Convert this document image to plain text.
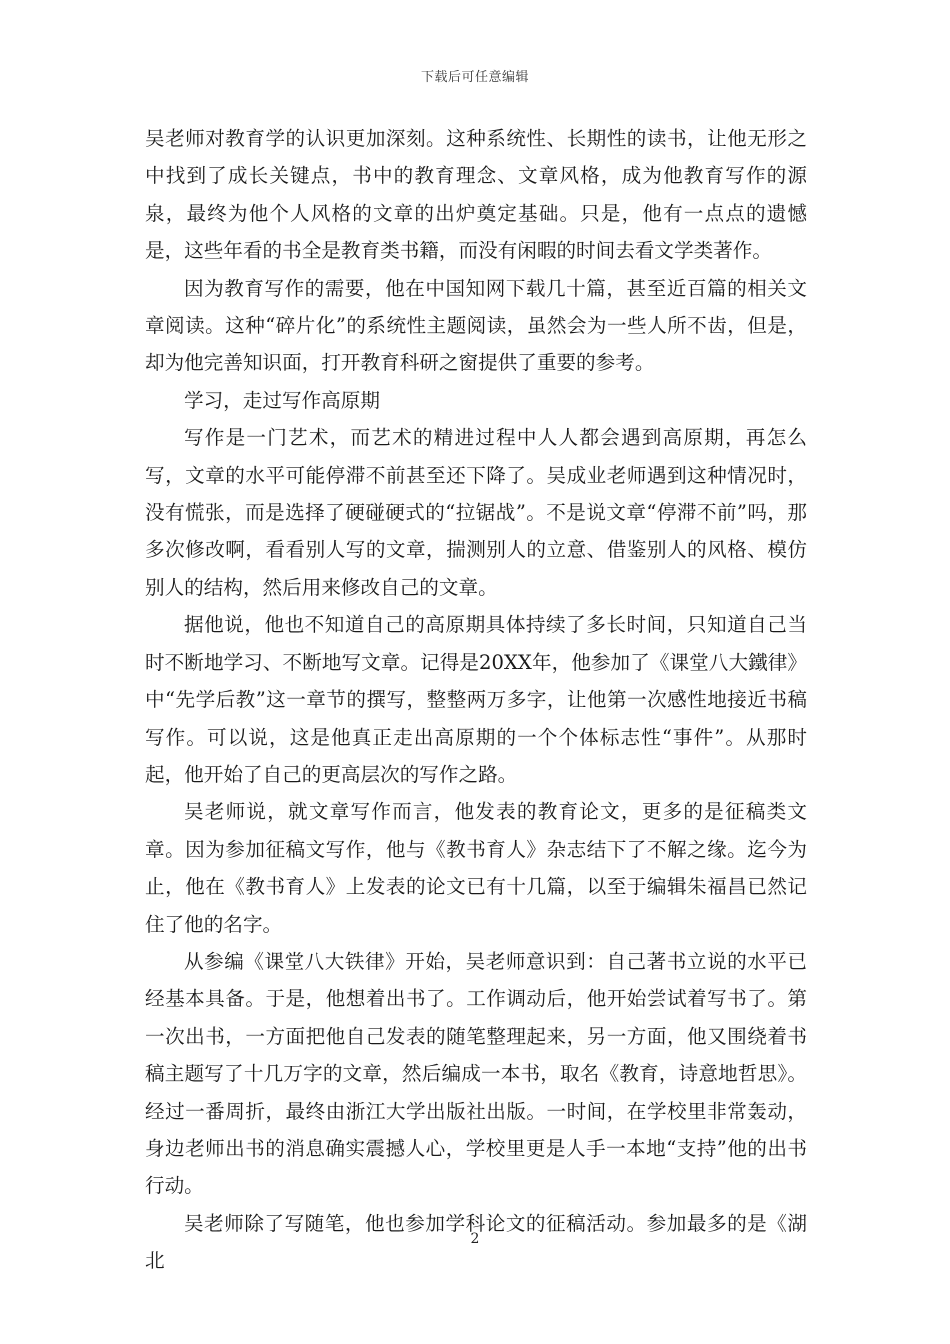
下载后可任意编辑

吴老师对教育学的认识更加深刻。这种系统性、长期性的读书，让他无形之中找到了成长关键点，书中的教育理念、文章风格，成为他教育写作的源泉，最终为他个人风格的文章的出炉奠定基础。只是，他有一点点的遗憾是，这些年看的书全是教育类书籍，而没有闲暇的时间去看文学类著作。

因为教育写作的需要，他在中国知网下载几十篇，甚至近百篇的相关文章阅读。这种“碎片化”的系统性主题阅读，虽然会为一些人所不齿，但是，却为他完善知识面，打开教育科研之窗提供了重要的参考。

学习，走过写作高原期

写作是一门艺术，而艺术的精进过程中人人都会遇到高原期，再怎么写，文章的水平可能停滞不前甚至还下降了。吴成业老师遇到这种情况时，没有慌张，而是选择了硬碰硬式的“拉锯战”。不是说文章“停滞不前”吗，那多次修改啊，看看别人写的文章，揣测别人的立意、借鉴别人的风格、模仿别人的结构，然后用来修改自己的文章。

据他说，他也不知道自己的高原期具体持续了多长时间，只知道自己当时不断地学习、不断地写文章。记得是20XX年，他参加了《课堂八大鐵律》中“先学后教”这一章节的撰写，整整两万多字，让他第一次感性地接近书稿写作。可以说，这是他真正走出高原期的一个个体标志性“事件”。从那时起，他开始了自己的更高层次的写作之路。

吴老师说，就文章写作而言，他发表的教育论文，更多的是征稿类文章。因为参加征稿文写作，他与《教书育人》杂志结下了不解之缘。迄今为止，他在《教书育人》上发表的论文已有十几篇，以至于编辑朱福昌已然记住了他的名字。

从参编《课堂八大铁律》开始，吴老师意识到：自己著书立说的水平已经基本具备。于是，他想着出书了。工作调动后，他开始尝试着写书了。第一次出书，一方面把他自己发表的随笔整理起来，另一方面，他又围绕着书稿主题写了十几万字的文章，然后编成一本书，取名《教育，诗意地哲思》。经过一番周折，最终由浙江大学出版社出版。一时间，在学校里非常轰动，身边老师出书的消息确实震撼人心，学校里更是人手一本地“支持”他的出书行动。

吴老师除了写随笔，他也参加学科论文的征稿活动。参加最多的是《湖北

2
